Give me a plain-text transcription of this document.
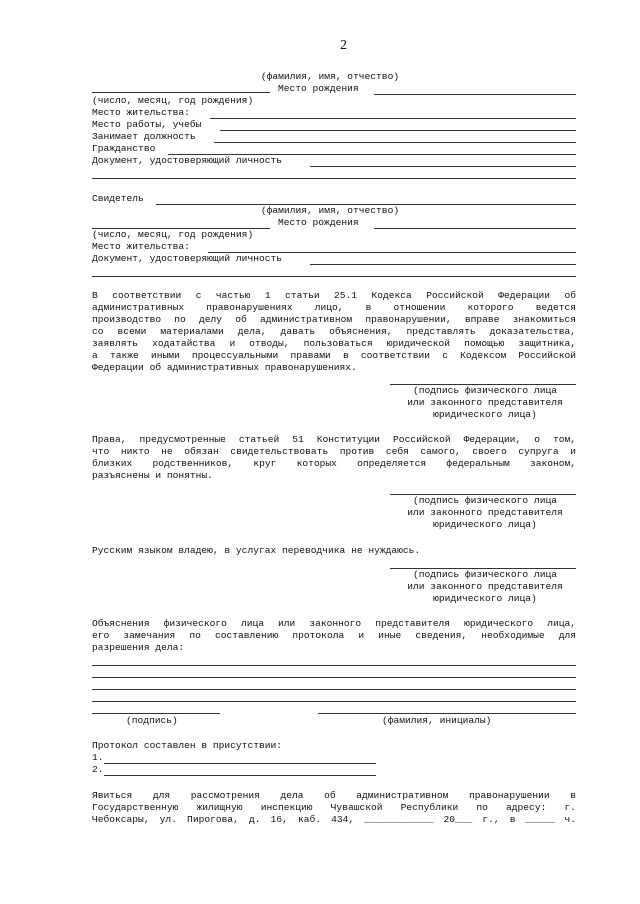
2
(фамилия, имя, отчество)
Место рождения
(число, месяц, год рождения)
Место жительства:
Место работы, учебы
Занимает должность
Гражданство
Документ, удостоверяющий личность
Свидетель
(фамилия, имя, отчество)
Место рождения
(число, месяц, год рождения)
Место жительства:
Документ, удостоверяющий личность
В соответствии с частью 1 статьи 25.1 Кодекса Российской Федерации об
административных правонарушениях лицо, в отношении которого ведется
производство по делу об административном правонарушении, вправе знакомиться
со всеми материалами дела, давать объяснения, представлять доказательства,
заявлять ходатайства и отводы, пользоваться юридической помощью защитника,
а также иными процессуальными правами в соответствии с Кодексом Российской
Федерации об административных правонарушениях.
(подпись физического лица
или законного представителя
юридического лица)
Права, предусмотренные статьей 51 Конституции Российской Федерации, о том,
что никто не обязан свидетельствовать против себя самого, своего супруга и
близких родственников, круг которых определяется федеральным законом,
разъяснены и понятны.
(подпись физического лица
или законного представителя
юридического лица)
Русским языком владею, в услугах переводчика не нуждаюсь.
(подпись физического лица
или законного представителя
юридического лица)
Объяснения физического лица или законного представителя юридического лица,
его замечания по составлению протокола и иные сведения, необходимые для
разрешения дела:
(подпись)	(фамилия, инициалы)
Протокол составлен в присутствии:
1.
2.
Явиться для рассмотрения дела об административном правонарушении в
Государственную жилищную инспекцию Чувашской Республики по адресу: г.
Чебоксары, ул. Пирогова, д. 16, каб. 434, ____________ 20___ г., в _____ ч.
